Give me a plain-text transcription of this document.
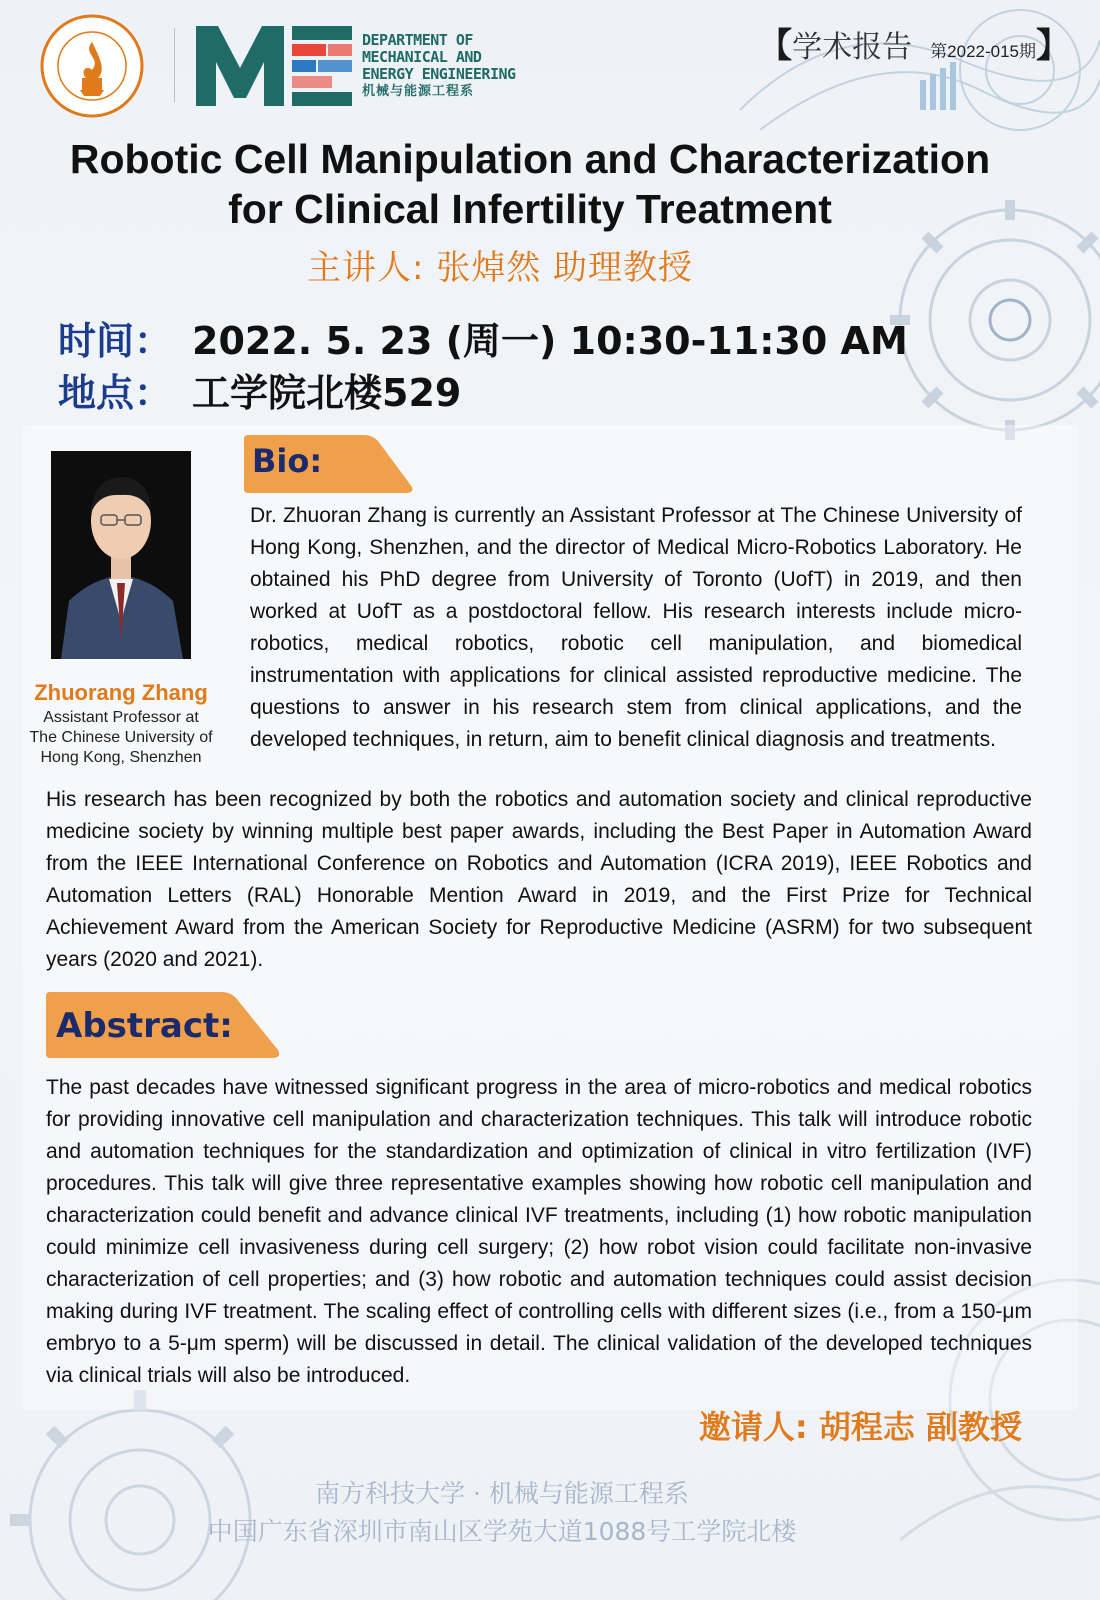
DEPARTMENT OF
MECHANICAL AND
ENERGY ENGINEERING
机械与能源工程系
【 学术报告 第2022-015期 】
Robotic Cell Manipulation and Characterization
for Clinical Infertility Treatment
主讲人: 张焯然 助理教授
时间： 2022. 5. 23 (周一) 10:30-11:30 AM
地点： 工学院北楼529
Zhuorang Zhang
Assistant Professor at
The Chinese University of
Hong Kong, Shenzhen
Bio:
Dr. Zhuoran Zhang is currently an Assistant Professor at The Chinese University of Hong Kong, Shenzhen, and the director of Medical Micro-Robotics Laboratory. He obtained his PhD degree from University of Toronto (UofT) in 2019, and then worked at UofT as a postdoctoral fellow. His research interests include micro-robotics, medical robotics, robotic cell manipulation, and biomedical instrumentation with applications for clinical assisted reproductive medicine. The questions to answer in his research stem from clinical applications, and the developed techniques, in return, aim to benefit clinical diagnosis and treatments.
His research has been recognized by both the robotics and automation society and clinical reproductive medicine society by winning multiple best paper awards, including the Best Paper in Automation Award from the IEEE International Conference on Robotics and Automation (ICRA 2019), IEEE Robotics and Automation Letters (RAL) Honorable Mention Award in 2019, and the First Prize for Technical Achievement Award from the American Society for Reproductive Medicine (ASRM) for two subsequent years (2020 and 2021).
Abstract:
The past decades have witnessed significant progress in the area of micro-robotics and medical robotics for providing innovative cell manipulation and characterization techniques. This talk will introduce robotic and automation techniques for the standardization and optimization of clinical in vitro fertilization (IVF) procedures. This talk will give three representative examples showing how robotic cell manipulation and characterization could benefit and advance clinical IVF treatments, including (1) how robotic manipulation could minimize cell invasiveness during cell surgery; (2) how robot vision could facilitate non-invasive characterization of cell properties; and (3) how robotic and automation techniques could assist decision making during IVF treatment. The scaling effect of controlling cells with different sizes (i.e., from a 150-μm embryo to a 5-μm sperm) will be discussed in detail. The clinical validation of the developed techniques via clinical trials will also be introduced.
邀请人: 胡程志 副教授
南方科技大学 · 机械与能源工程系
中国广东省深圳市南山区学苑大道1088号工学院北楼
